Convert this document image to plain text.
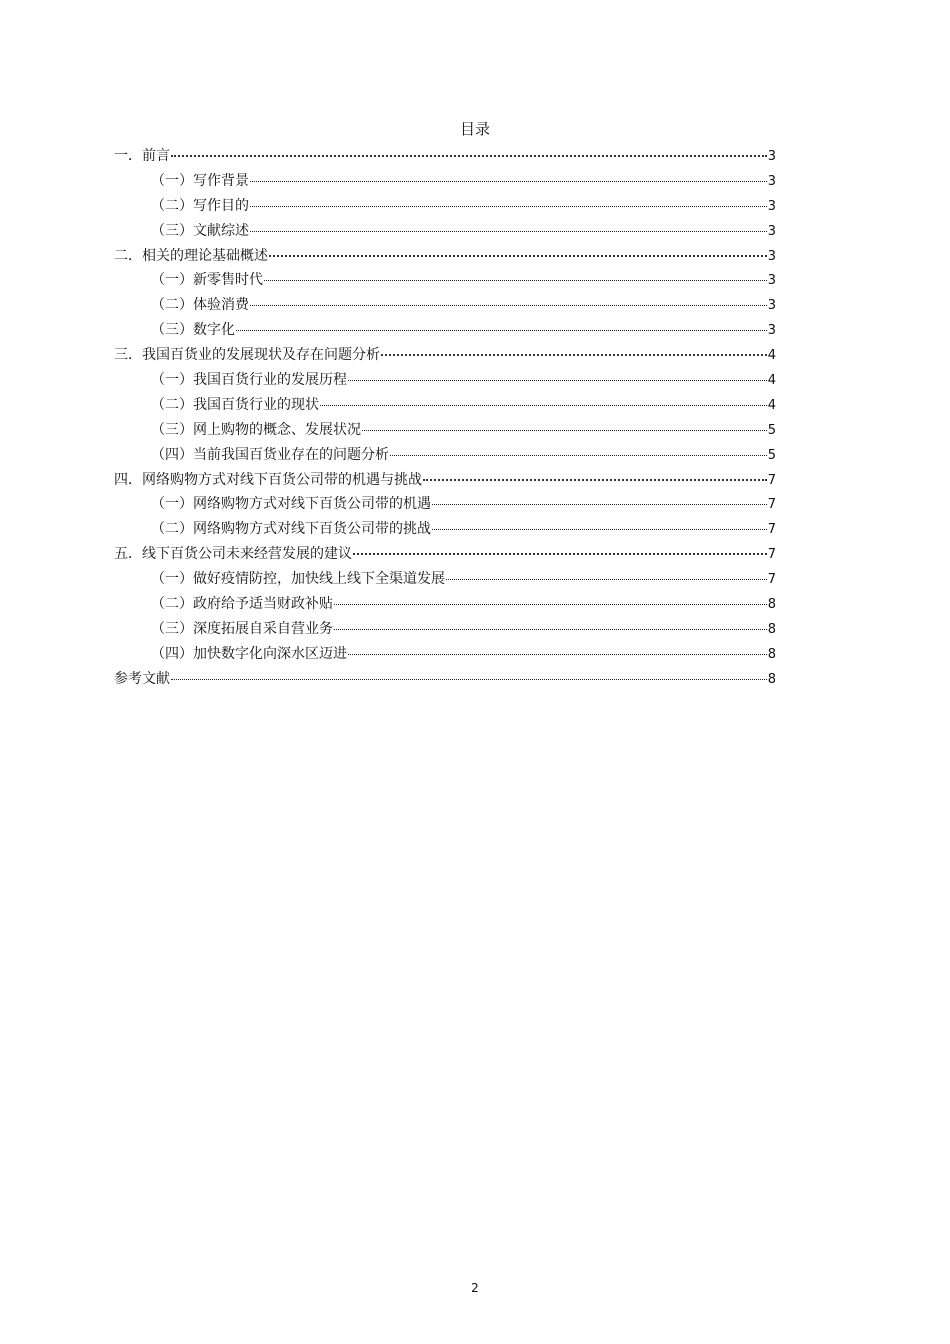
目录
一．前言	3
（一）写作背景	3
（二）写作目的	3
（三）文献综述	3
二．相关的理论基础概述	3
（一）新零售时代	3
（二）体验消费	3
（三）数字化	3
三．我国百货业的发展现状及存在问题分析	4
（一）我国百货行业的发展历程	4
（二）我国百货行业的现状	4
（三）网上购物的概念、发展状况	5
（四）当前我国百货业存在的问题分析	5
四．网络购物方式对线下百货公司带的机遇与挑战	7
（一）网络购物方式对线下百货公司带的机遇	7
（二）网络购物方式对线下百货公司带的挑战	7
五．线下百货公司未来经营发展的建议	7
（一）做好疫情防控，加快线上线下全渠道发展	7
（二）政府给予适当财政补贴	8
（三）深度拓展自采自营业务	8
（四）加快数字化向深水区迈进	8
参考文献	8
2
